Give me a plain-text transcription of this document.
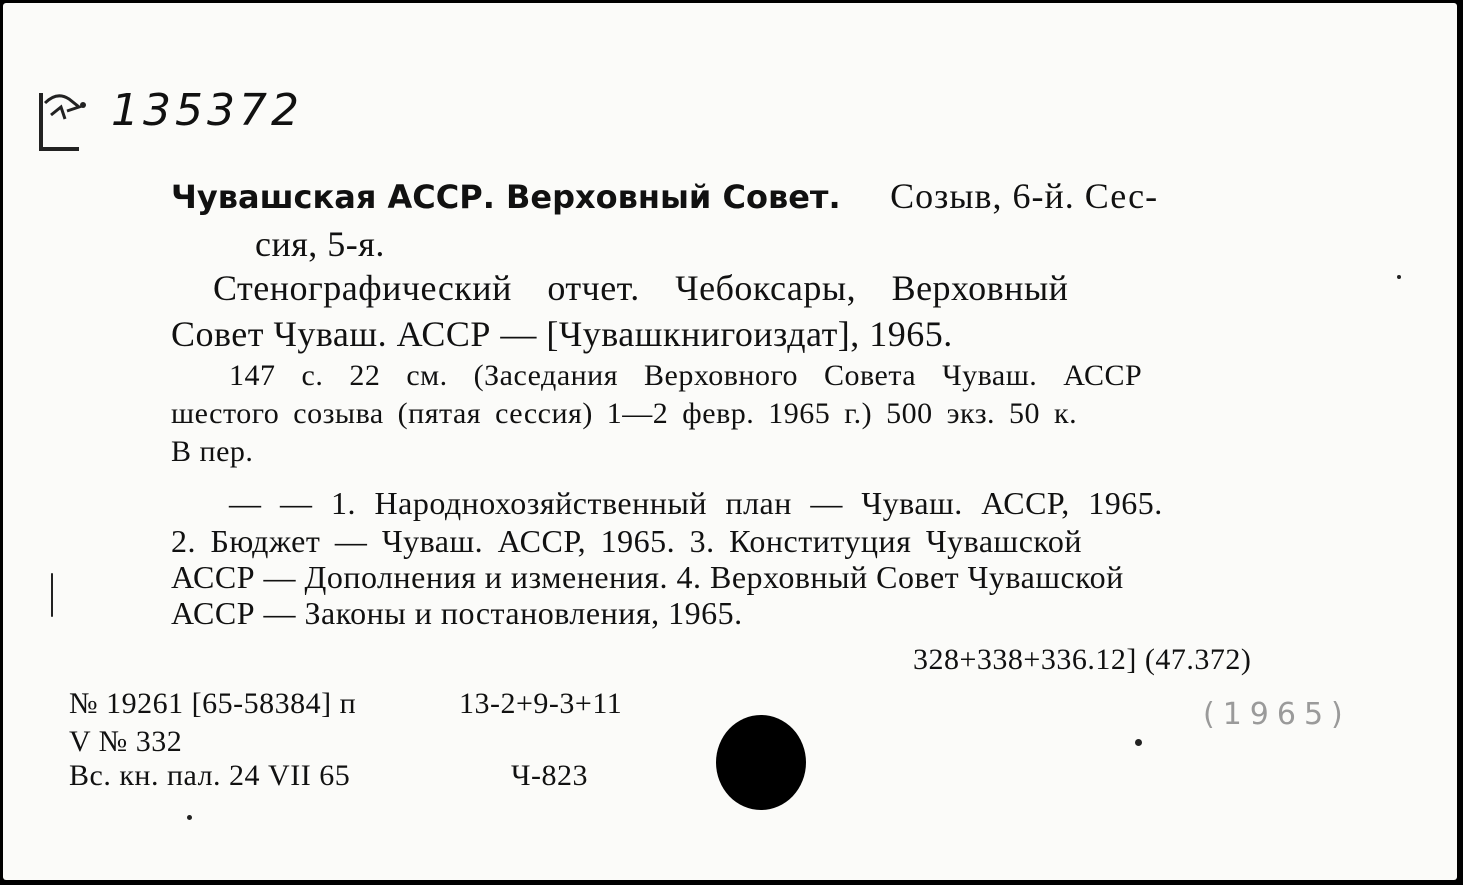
135372
Чувашская АССР. Верховный Совет. Созыв, 6-й. Сес-
сия, 5-я.
Стенографический отчет. Чебоксары, Верховный
Совет Чуваш. АССР — [Чувашкнигоиздат], 1965.
147 с. 22 см. (Заседания Верховного Совета Чуваш. АССР
шестого созыва (пятая сессия) 1—2 февр. 1965 г.) 500 экз. 50 к.
В пер.
— — 1. Народнохозяйственный план — Чуваш. АССР, 1965.
2. Бюджет — Чуваш. АССР, 1965. 3. Конституция Чувашской
АССР — Дополнения и изменения. 4. Верховный Совет Чувашской
АССР — Законы и постановления, 1965.
328+338+336.12] (47.372)
№ 19261 [65-58384] п	13-2+9-3+11
V № 332
Вс. кн. пал. 24 VII 65	Ч-823
(1965)
